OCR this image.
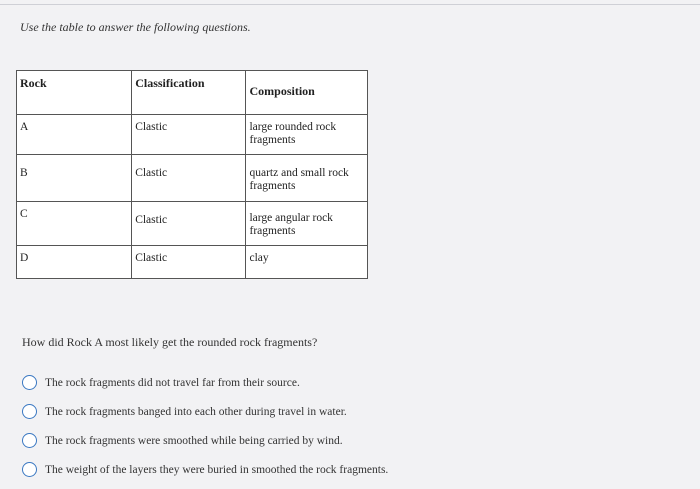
Use the table to answer the following questions.
Rock	Classification	Composition
A	Clastic	large rounded rock fragments
B	Clastic	quartz and small rock fragments
C	Clastic	large angular rock fragments
D	Clastic	clay
How did Rock A most likely get the rounded rock fragments?
The rock fragments did not travel far from their source.
The rock fragments banged into each other during travel in water.
The rock fragments were smoothed while being carried by wind.
The weight of the layers they were buried in smoothed the rock fragments.
